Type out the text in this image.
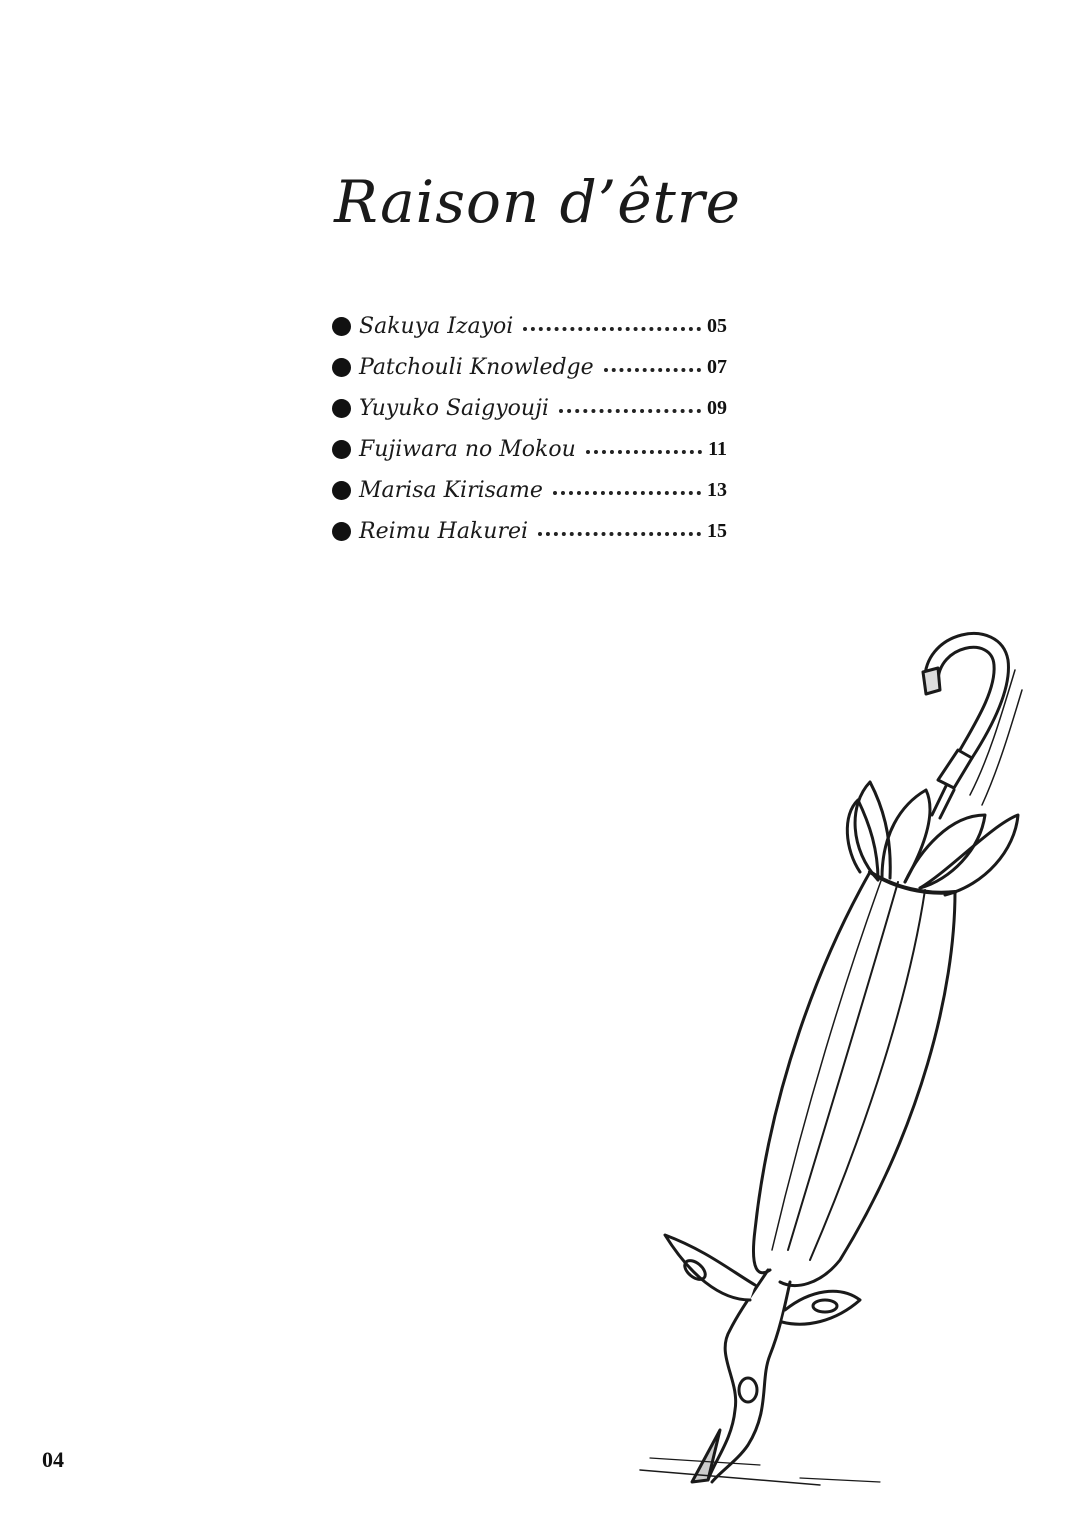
Raison d’être
Sakuya Izayoi	05
Patchouli Knowledge	07
Yuyuko Saigyouji	09
Fujiwara no Mokou	11
Marisa Kirisame	13
Reimu Hakurei	15
04
